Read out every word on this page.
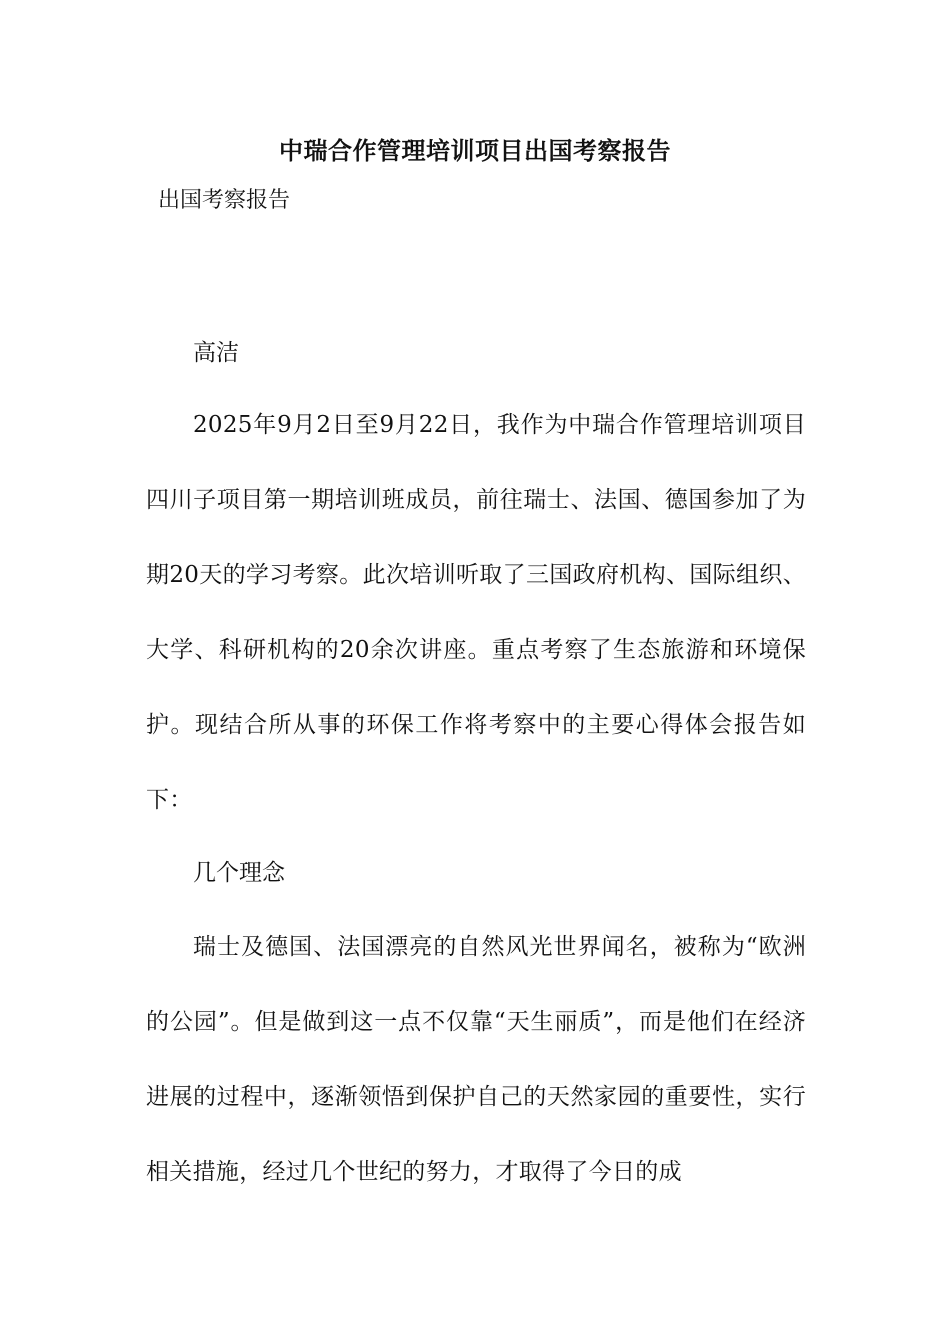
中瑞合作管理培训项目出国考察报告
出国考察报告
高洁
2025年9月2日至9月22日，我作为中瑞合作管理培训项目四川子项目第一期培训班成员，前往瑞士、法国、德国参加了为期20天的学习考察。此次培训听取了三国政府机构、国际组织、大学、科研机构的20余次讲座。重点考察了生态旅游和环境保护。现结合所从事的环保工作将考察中的主要心得体会报告如下：
几个理念
瑞士及德国、法国漂亮的自然风光世界闻名，被称为“欧洲的公园”。但是做到这一点不仅靠“天生丽质”，而是他们在经济进展的过程中，逐渐领悟到保护自己的天然家园的重要性，实行相关措施，经过几个世纪的努力，才取得了今日的成
